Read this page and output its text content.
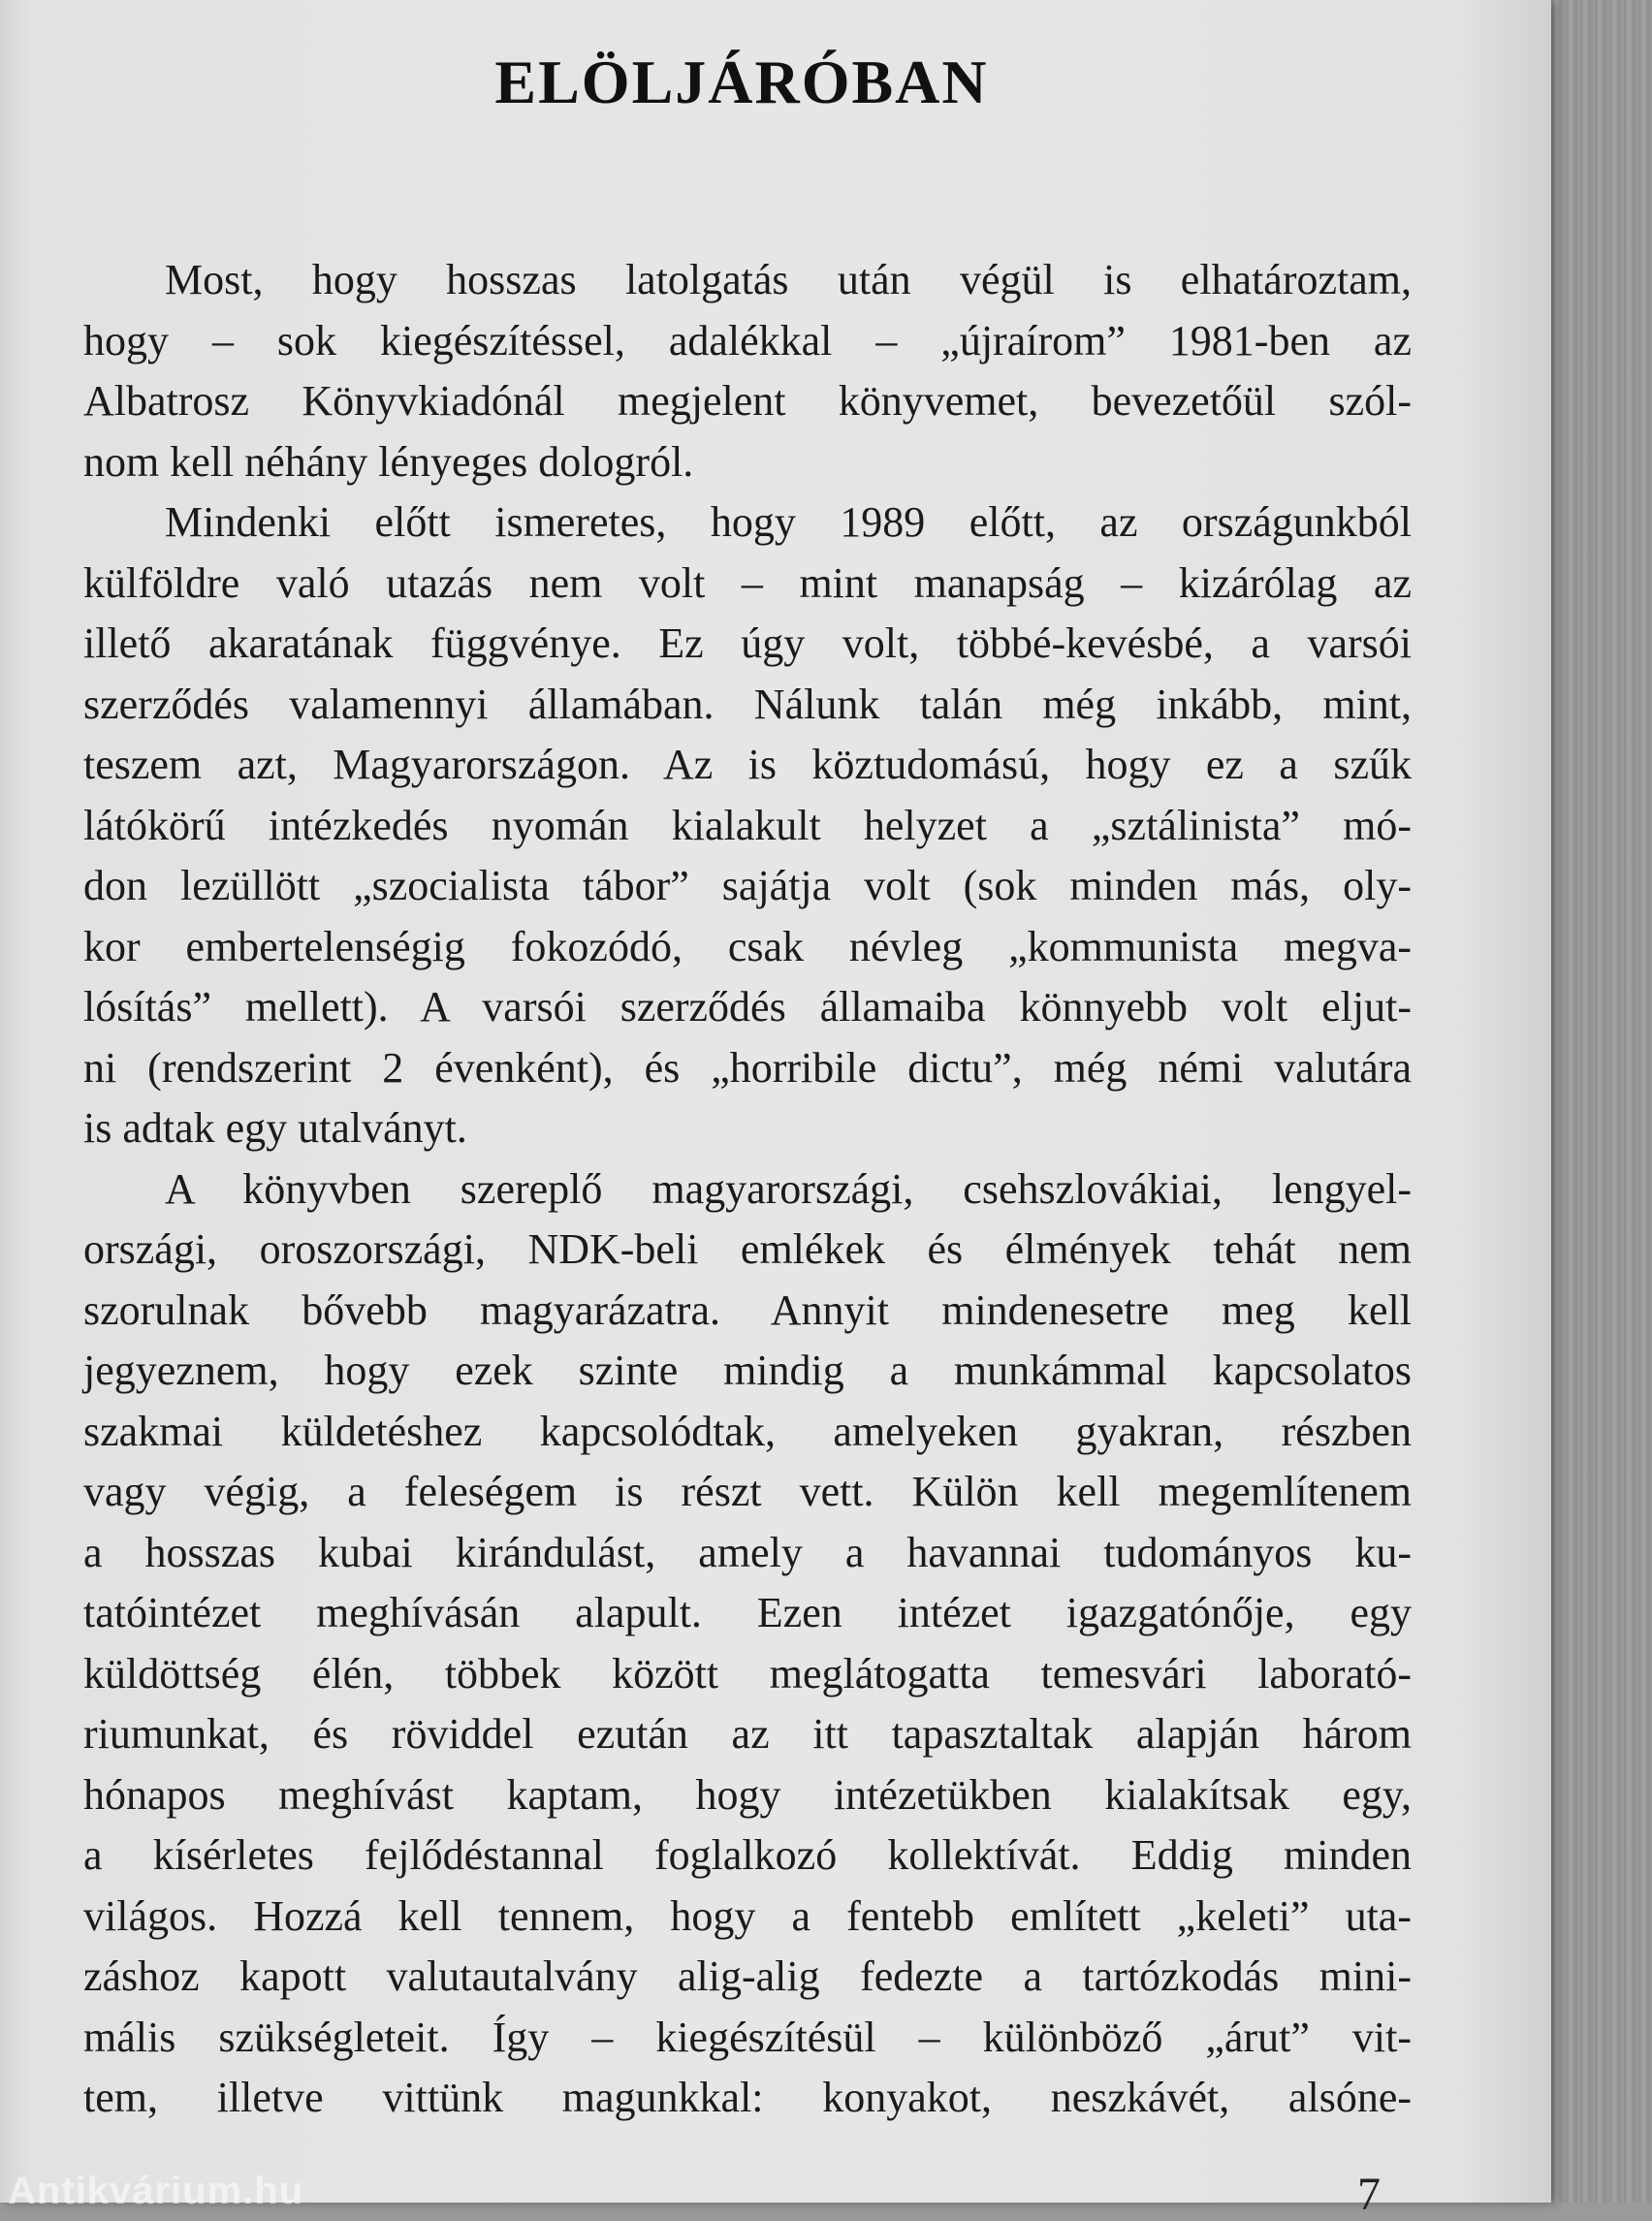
ELÖLJÁRÓBAN

Most, hogy hosszas latolgatás után végül is elhatároztam,
hogy – sok kiegészítéssel, adalékkal – „újraírom” 1981-ben az
Albatrosz Könyvkiadónál megjelent könyvemet, bevezetőül szól-
nom kell néhány lényeges dologról.

Mindenki előtt ismeretes, hogy 1989 előtt, az országunkból
külföldre való utazás nem volt – mint manapság – kizárólag az
illető akaratának függvénye. Ez úgy volt, többé-kevésbé, a varsói
szerződés valamennyi államában. Nálunk talán még inkább, mint,
teszem azt, Magyarországon. Az is köztudomású, hogy ez a szűk
látókörű intézkedés nyomán kialakult helyzet a „sztálinista” mó-
don lezüllött „szocialista tábor” sajátja volt (sok minden más, oly-
kor embertelenségig fokozódó, csak névleg „kommunista megva-
lósítás” mellett). A varsói szerződés államaiba könnyebb volt eljut-
ni (rendszerint 2 évenként), és „horribile dictu”, még némi valutára
is adtak egy utalványt.

A könyvben szereplő magyarországi, csehszlovákiai, lengyel-
országi, oroszországi, NDK-beli emlékek és élmények tehát nem
szorulnak bővebb magyarázatra. Annyit mindenesetre meg kell
jegyeznem, hogy ezek szinte mindig a munkámmal kapcsolatos
szakmai küldetéshez kapcsolódtak, amelyeken gyakran, részben
vagy végig, a feleségem is részt vett. Külön kell megemlítenem
a hosszas kubai kirándulást, amely a havannai tudományos ku-
tatóintézet meghívásán alapult. Ezen intézet igazgatónője, egy
küldöttség élén, többek között meglátogatta temesvári laborató-
riumunkat, és röviddel ezután az itt tapasztaltak alapján három
hónapos meghívást kaptam, hogy intézetükben kialakítsak egy,
a kísérletes fejlődéstannal foglalkozó kollektívát. Eddig minden
világos. Hozzá kell tennem, hogy a fentebb említett „keleti” uta-
záshoz kapott valutautalvány alig-alig fedezte a tartózkodás mini-
mális szükségleteit. Így – kiegészítésül – különböző „árut” vit-
tem, illetve vittünk magunkkal: konyakot, neszkávét, alsóne-

7
Antikvárium.hu
